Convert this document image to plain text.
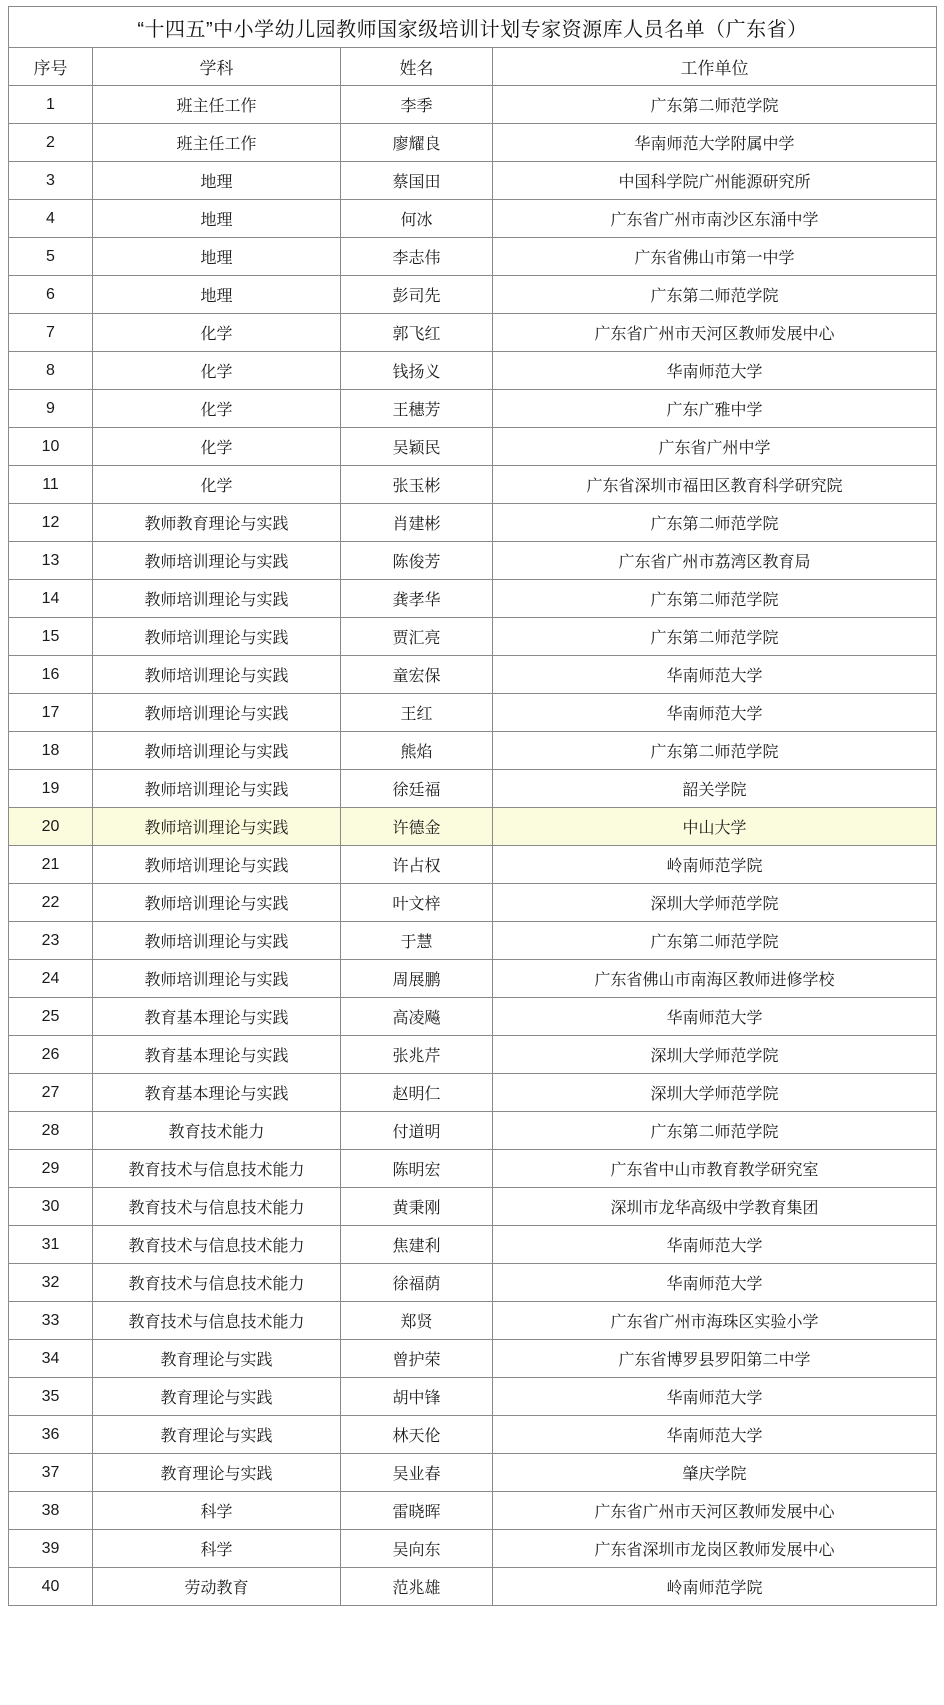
“十四五”中小学幼儿园教师国家级培训计划专家资源库人员名单（广东省）			
序号	学科	姓名	工作单位
1	班主任工作	李季	广东第二师范学院
2	班主任工作	廖耀良	华南师范大学附属中学
3	地理	蔡国田	中国科学院广州能源研究所
4	地理	何冰	广东省广州市南沙区东涌中学
5	地理	李志伟	广东省佛山市第一中学
6	地理	彭司先	广东第二师范学院
7	化学	郭飞红	广东省广州市天河区教师发展中心
8	化学	钱扬义	华南师范大学
9	化学	王穗芳	广东广雅中学
10	化学	吴颖民	广东省广州中学
11	化学	张玉彬	广东省深圳市福田区教育科学研究院
12	教师教育理论与实践	肖建彬	广东第二师范学院
13	教师培训理论与实践	陈俊芳	广东省广州市荔湾区教育局
14	教师培训理论与实践	龚孝华	广东第二师范学院
15	教师培训理论与实践	贾汇亮	广东第二师范学院
16	教师培训理论与实践	童宏保	华南师范大学
17	教师培训理论与实践	王红	华南师范大学
18	教师培训理论与实践	熊焰	广东第二师范学院
19	教师培训理论与实践	徐廷福	韶关学院
20	教师培训理论与实践	许德金	中山大学
21	教师培训理论与实践	许占权	岭南师范学院
22	教师培训理论与实践	叶文梓	深圳大学师范学院
23	教师培训理论与实践	于慧	广东第二师范学院
24	教师培训理论与实践	周展鹏	广东省佛山市南海区教师进修学校
25	教育基本理论与实践	高凌飚	华南师范大学
26	教育基本理论与实践	张兆芹	深圳大学师范学院
27	教育基本理论与实践	赵明仁	深圳大学师范学院
28	教育技术能力	付道明	广东第二师范学院
29	教育技术与信息技术能力	陈明宏	广东省中山市教育教学研究室
30	教育技术与信息技术能力	黄秉刚	深圳市龙华高级中学教育集团
31	教育技术与信息技术能力	焦建利	华南师范大学
32	教育技术与信息技术能力	徐福荫	华南师范大学
33	教育技术与信息技术能力	郑贤	广东省广州市海珠区实验小学
34	教育理论与实践	曾护荣	广东省博罗县罗阳第二中学
35	教育理论与实践	胡中锋	华南师范大学
36	教育理论与实践	林天伦	华南师范大学
37	教育理论与实践	吴业春	肇庆学院
38	科学	雷晓晖	广东省广州市天河区教师发展中心
39	科学	吴向东	广东省深圳市龙岗区教师发展中心
40	劳动教育	范兆雄	岭南师范学院
